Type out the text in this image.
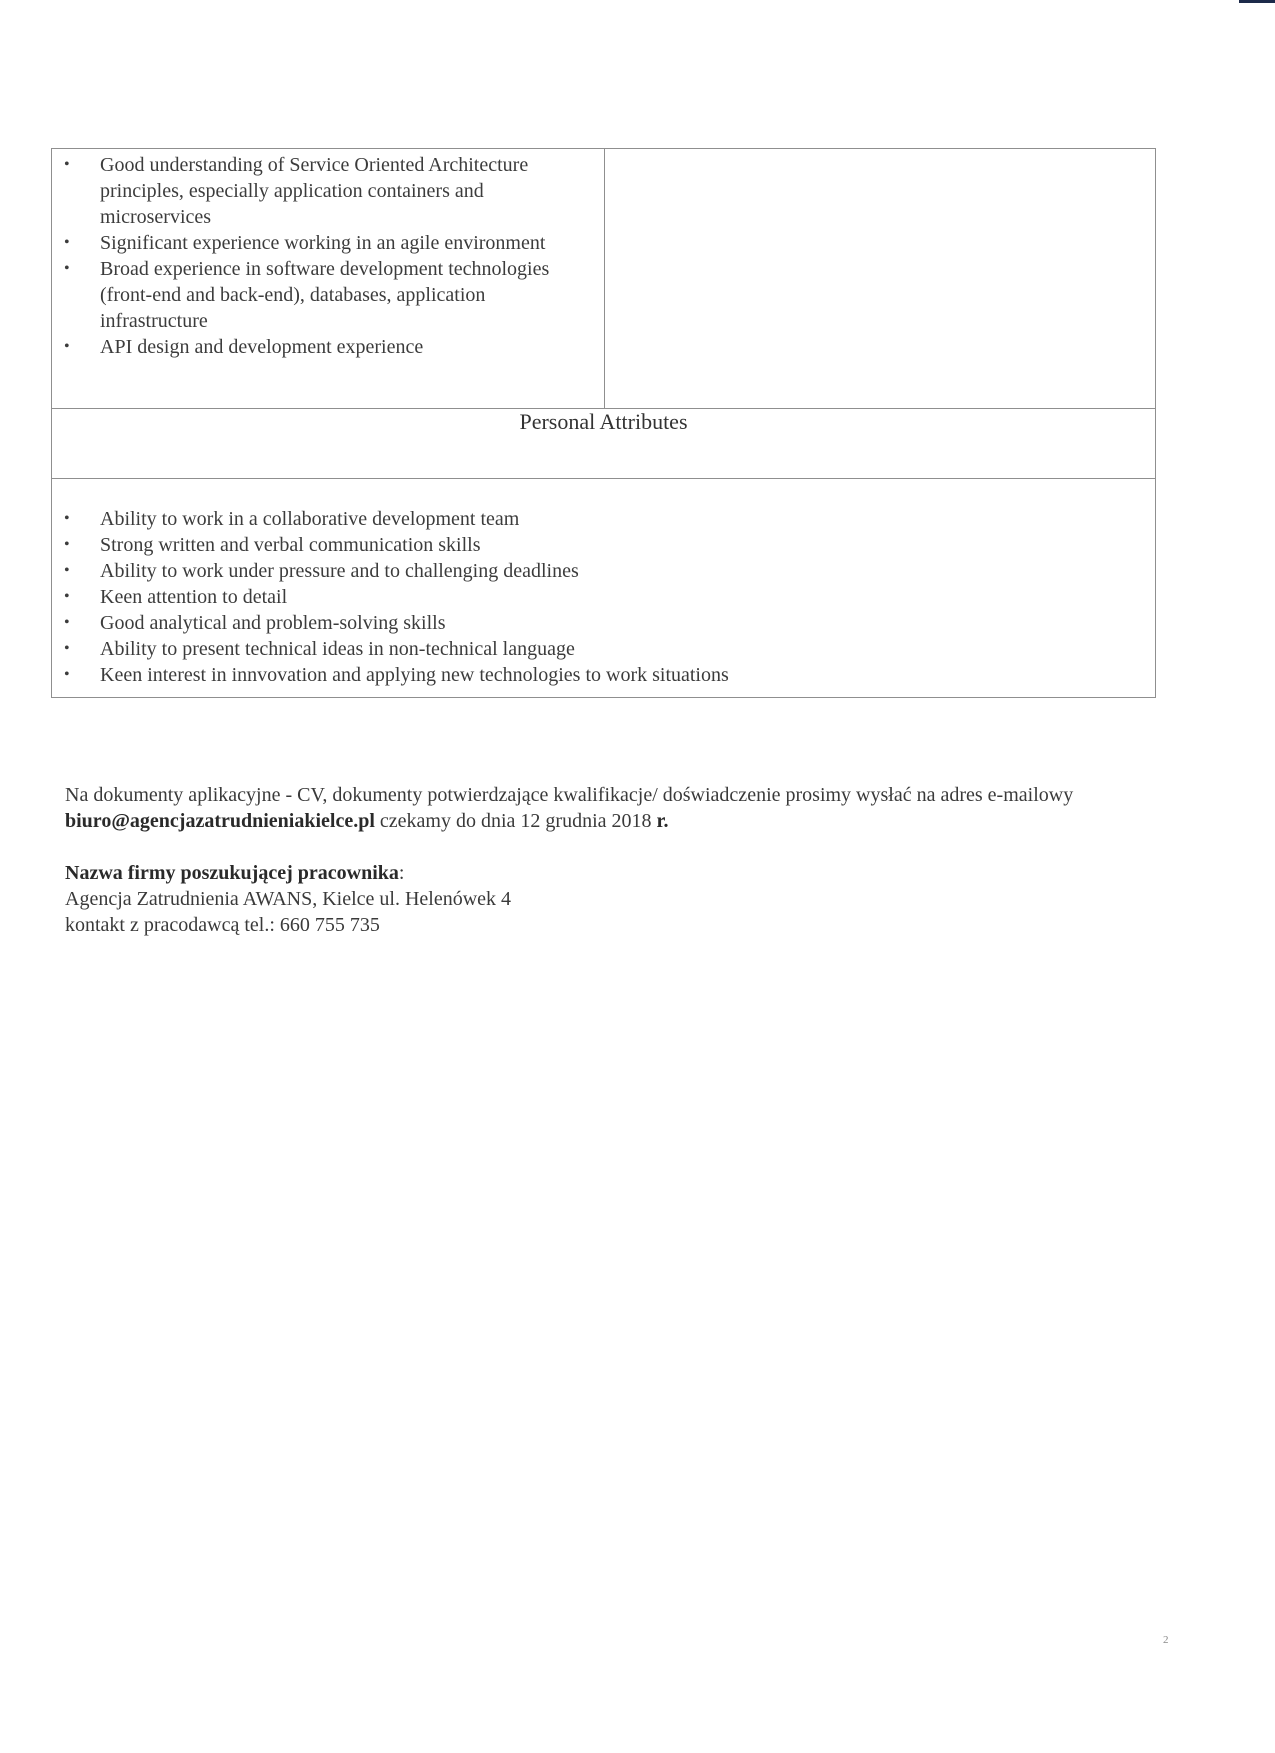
• Good understanding of Service Oriented Architecture principles, especially application containers and microservices
• Significant experience working in an agile environment
• Broad experience in software development technologies (front-end and back-end), databases, application infrastructure
• API design and development experience

Personal Attributes

• Ability to work in a collaborative development team
• Strong written and verbal communication skills
• Ability to work under pressure and to challenging deadlines
• Keen attention to detail
• Good analytical and problem-solving skills
• Ability to present technical ideas in non-technical language
• Keen interest in innvovation and applying new technologies to work situations

Na dokumenty aplikacyjne - CV, dokumenty potwierdzające kwalifikacje/ doświadczenie prosimy wysłać na adres e-mailowy biuro@agencjazatrudnieniakielce.pl czekamy do dnia 12 grudnia 2018 r.

Nazwa firmy poszukującej pracownika:

Agencja Zatrudnienia AWANS, Kielce ul. Helenówek 4

kontakt z pracodawcą tel.: 660 755 735

2
